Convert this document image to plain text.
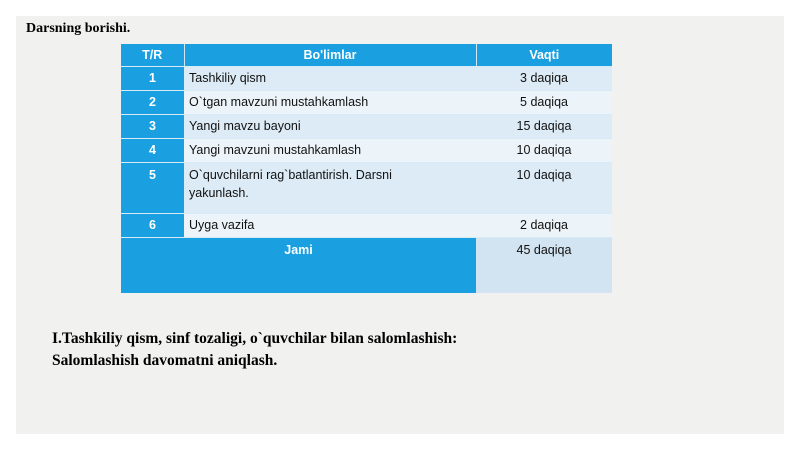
Darsning borishi.
T/R	Bo'limlar	Vaqti
1	Tashkiliy qism	3 daqiqa
2	O`tgan mavzuni mustahkamlash	5 daqiqa
3	Yangi mavzu bayoni	15 daqiqa
4	Yangi mavzuni mustahkamlash	10 daqiqa
5	O`quvchilarni rag`batlantirish. Darsni yakunlash.	10 daqiqa
6	Uyga vazifa	2 daqiqa
Jami		45 daqiqa
I.Tashkiliy qism, sinf tozaligi, o`quvchilar bilan salomlashish:
Salomlashish davomatni aniqlash.
